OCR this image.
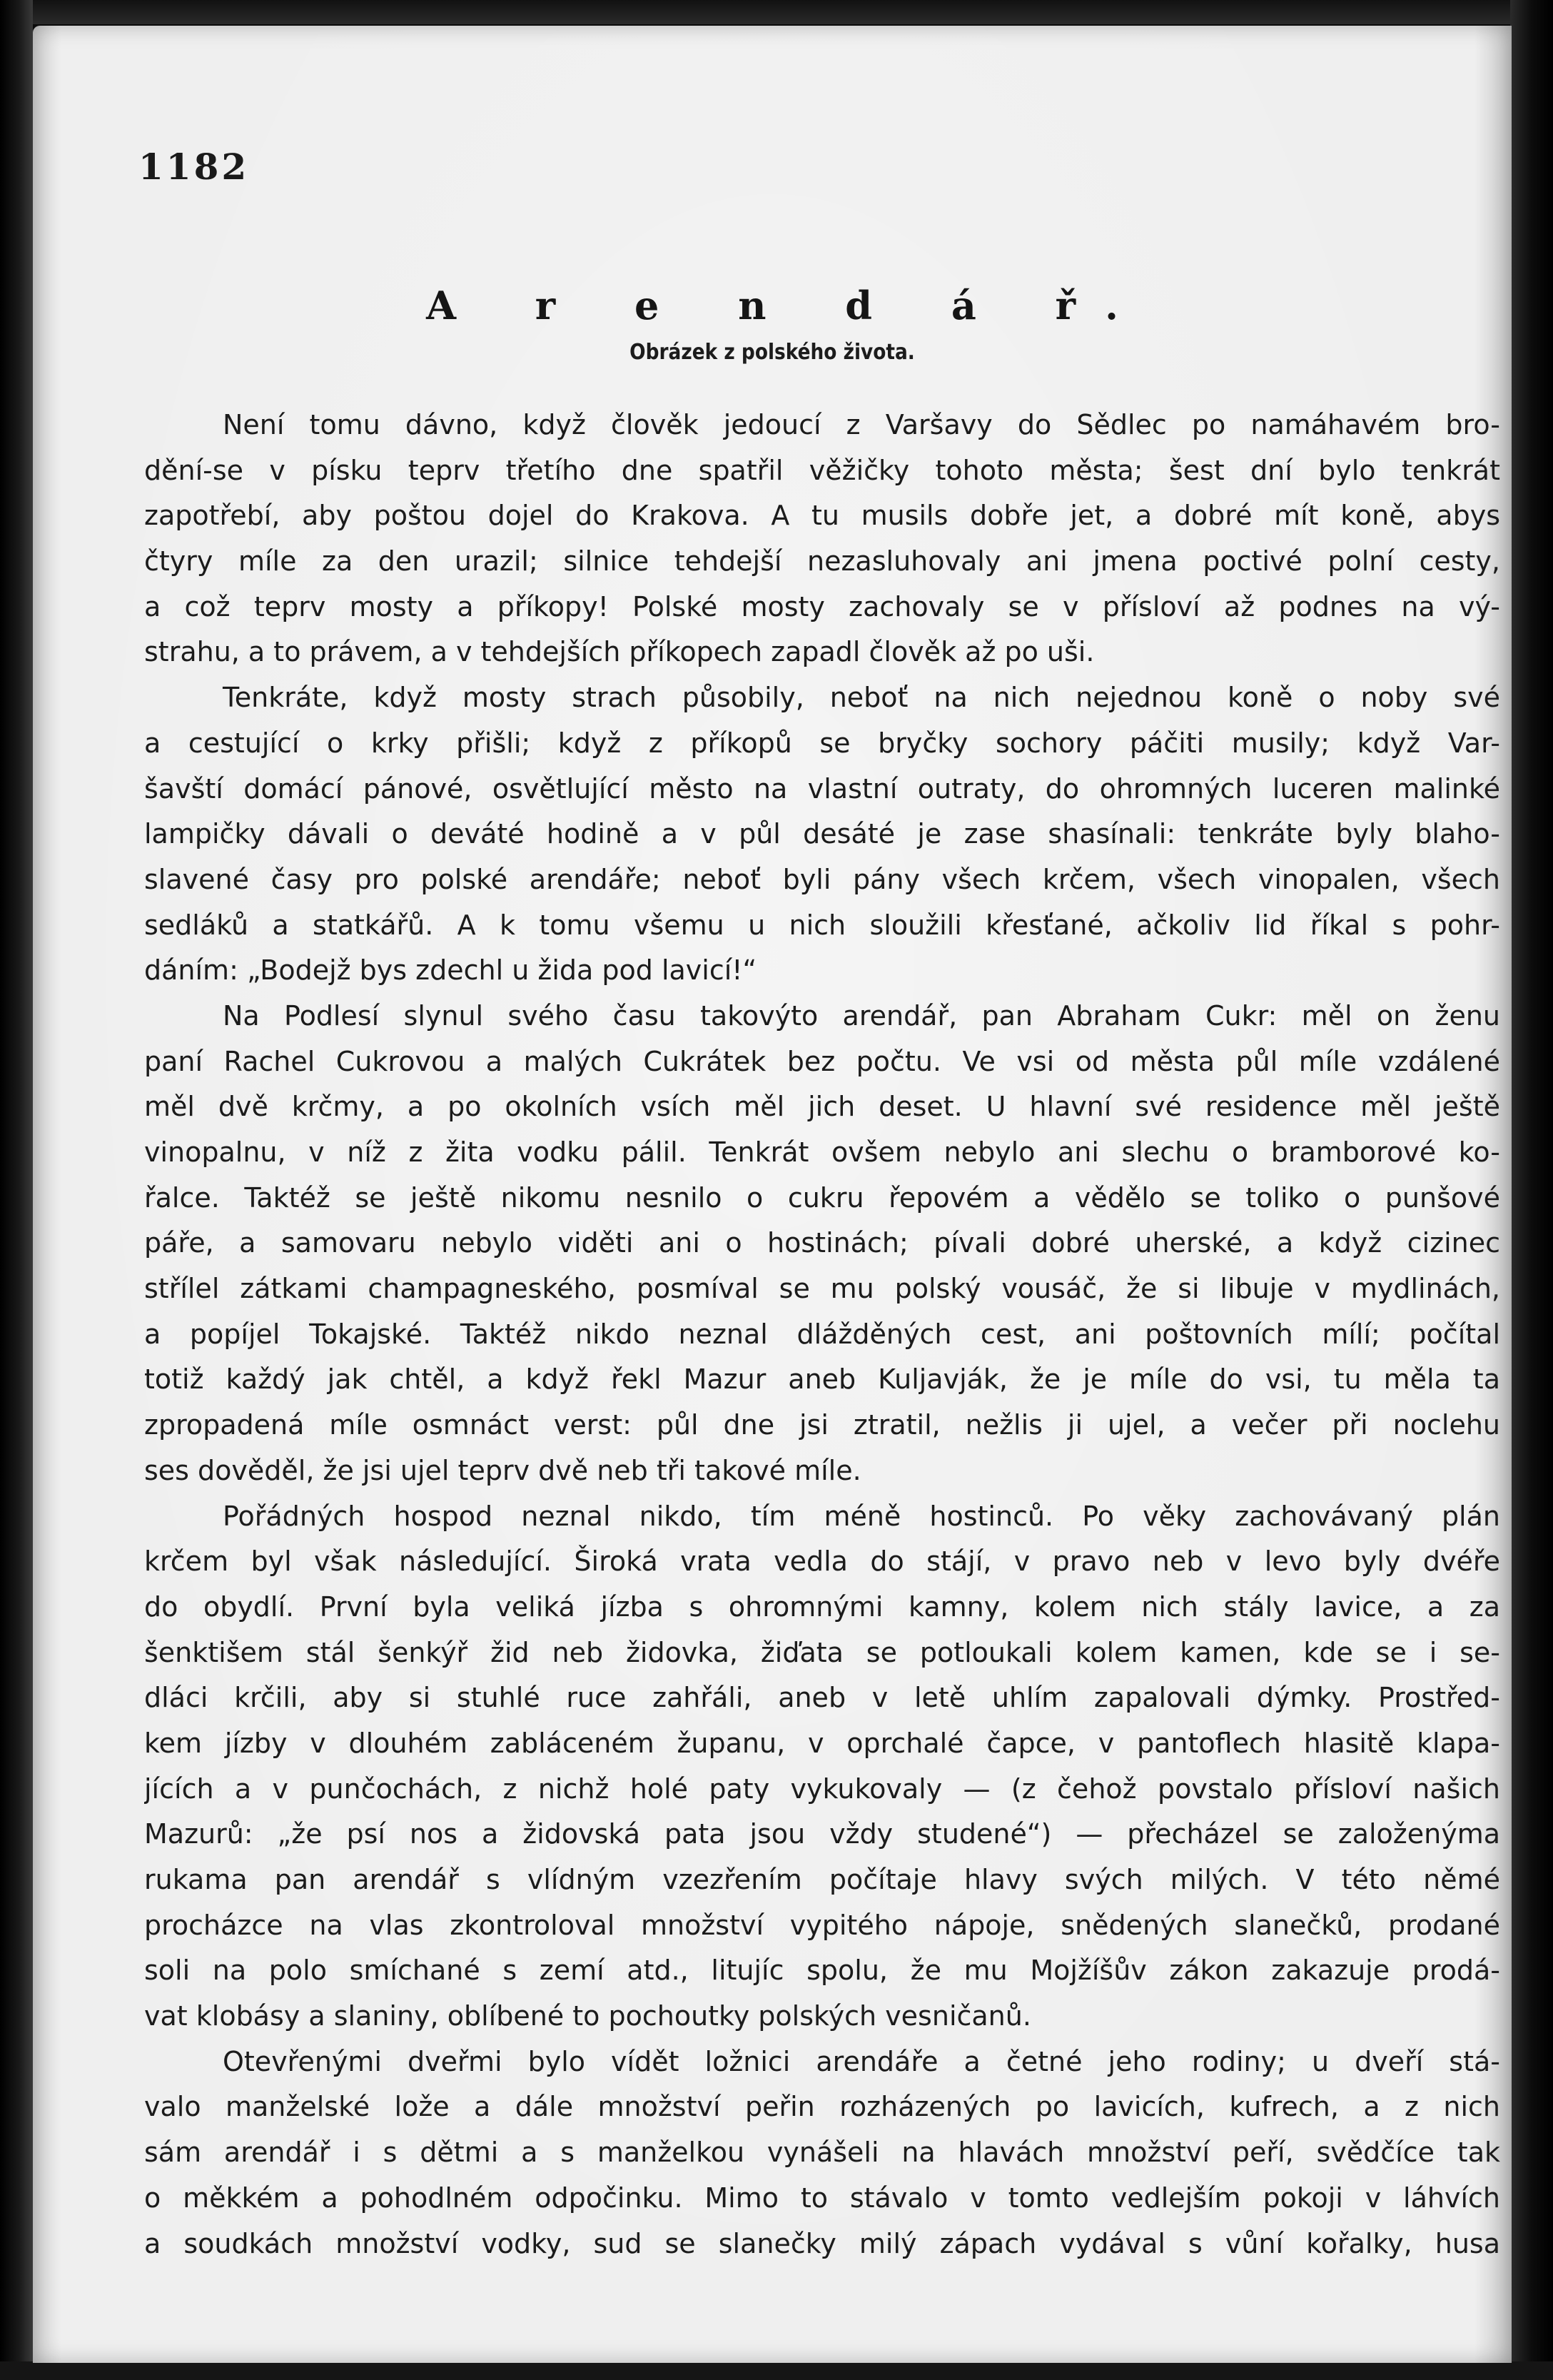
1182
A r e n d á ř.
Obrázek z polského života.
Není tomu dávno, když člověk jedoucí z Varšavy do Sědlec po namáhavém bro-
dění-se v písku teprv třetího dne spatřil věžičky tohoto města; šest dní bylo tenkrát
zapotřebí, aby poštou dojel do Krakova. A tu musils dobře jet, a dobré mít koně, abys
čtyry míle za den urazil; silnice tehdejší nezasluhovaly ani jmena poctivé polní cesty,
a což teprv mosty a příkopy! Polské mosty zachovaly se v přísloví až podnes na vý-
strahu, a to právem, a v tehdejších příkopech zapadl člověk až po uši.
Tenkráte, když mosty strach působily, neboť na nich nejednou koně o noby své
a cestující o krky přišli; když z příkopů se bryčky sochory páčiti musily; když Var-
šavští domácí pánové, osvětlující město na vlastní outraty, do ohromných luceren malinké
lampičky dávali o deváté hodině a v půl desáté je zase shasínali: tenkráte byly blaho-
slavené časy pro polské arendáře; neboť byli pány všech krčem, všech vinopalen, všech
sedláků a statkářů. A k tomu všemu u nich sloužili křesťané, ačkoliv lid říkal s pohr-
dáním: „Bodejž bys zdechl u žida pod lavicí!“
Na Podlesí slynul svého času takovýto arendář, pan Abraham Cukr: měl on ženu
paní Rachel Cukrovou a malých Cukrátek bez počtu. Ve vsi od města půl míle vzdálené
měl dvě krčmy, a po okolních vsích měl jich deset. U hlavní své residence měl ještě
vinopalnu, v níž z žita vodku pálil. Tenkrát ovšem nebylo ani slechu o bramborové ko-
řalce. Taktéž se ještě nikomu nesnilo o cukru řepovém a vědělo se toliko o punšové
páře, a samovaru nebylo viděti ani o hostinách; pívali dobré uherské, a když cizinec
střílel zátkami champagneského, posmíval se mu polský vousáč, že si libuje v mydlinách,
a popíjel Tokajské. Taktéž nikdo neznal dlážděných cest, ani poštovních mílí; počítal
totiž každý jak chtěl, a když řekl Mazur aneb Kuljavják, že je míle do vsi, tu měla ta
zpropadená míle osmnáct verst: půl dne jsi ztratil, nežlis ji ujel, a večer při noclehu
ses dověděl, že jsi ujel teprv dvě neb tři takové míle.
Pořádných hospod neznal nikdo, tím méně hostinců. Po věky zachovávaný plán
krčem byl však následující. Široká vrata vedla do stájí, v pravo neb v levo byly dvéře
do obydlí. První byla veliká jízba s ohromnými kamny, kolem nich stály lavice, a za
šenktišem stál šenkýř žid neb židovka, žiďata se potloukali kolem kamen, kde se i se-
dláci krčili, aby si stuhlé ruce zahřáli, aneb v letě uhlím zapalovali dýmky. Prostřed-
kem jízby v dlouhém zabláceném županu, v oprchalé čapce, v pantoflech hlasitě klapa-
jících a v punčochách, z nichž holé paty vykukovaly — (z čehož povstalo přísloví našich
Mazurů: „že psí nos a židovská pata jsou vždy studené“) — přecházel se založenýma
rukama pan arendář s vlídným vzezřením počítaje hlavy svých milých. V této němé
procházce na vlas zkontroloval množství vypitého nápoje, snědených slanečků, prodané
soli na polo smíchané s zemí atd., litujíc spolu, že mu Mojžíšův zákon zakazuje prodá-
vat klobásy a slaniny, oblíbené to pochoutky polských vesničanů.
Otevřenými dveřmi bylo vídět ložnici arendáře a četné jeho rodiny; u dveří stá-
valo manželské lože a dále množství peřin rozházených po lavicích, kufrech, a z nich
sám arendář i s dětmi a s manželkou vynášeli na hlavách množství peří, svědčíce tak
o měkkém a pohodlném odpočinku. Mimo to stávalo v tomto vedlejším pokoji v láhvích
a soudkách množství vodky, sud se slanečky milý zápach vydával s vůní kořalky, husa
